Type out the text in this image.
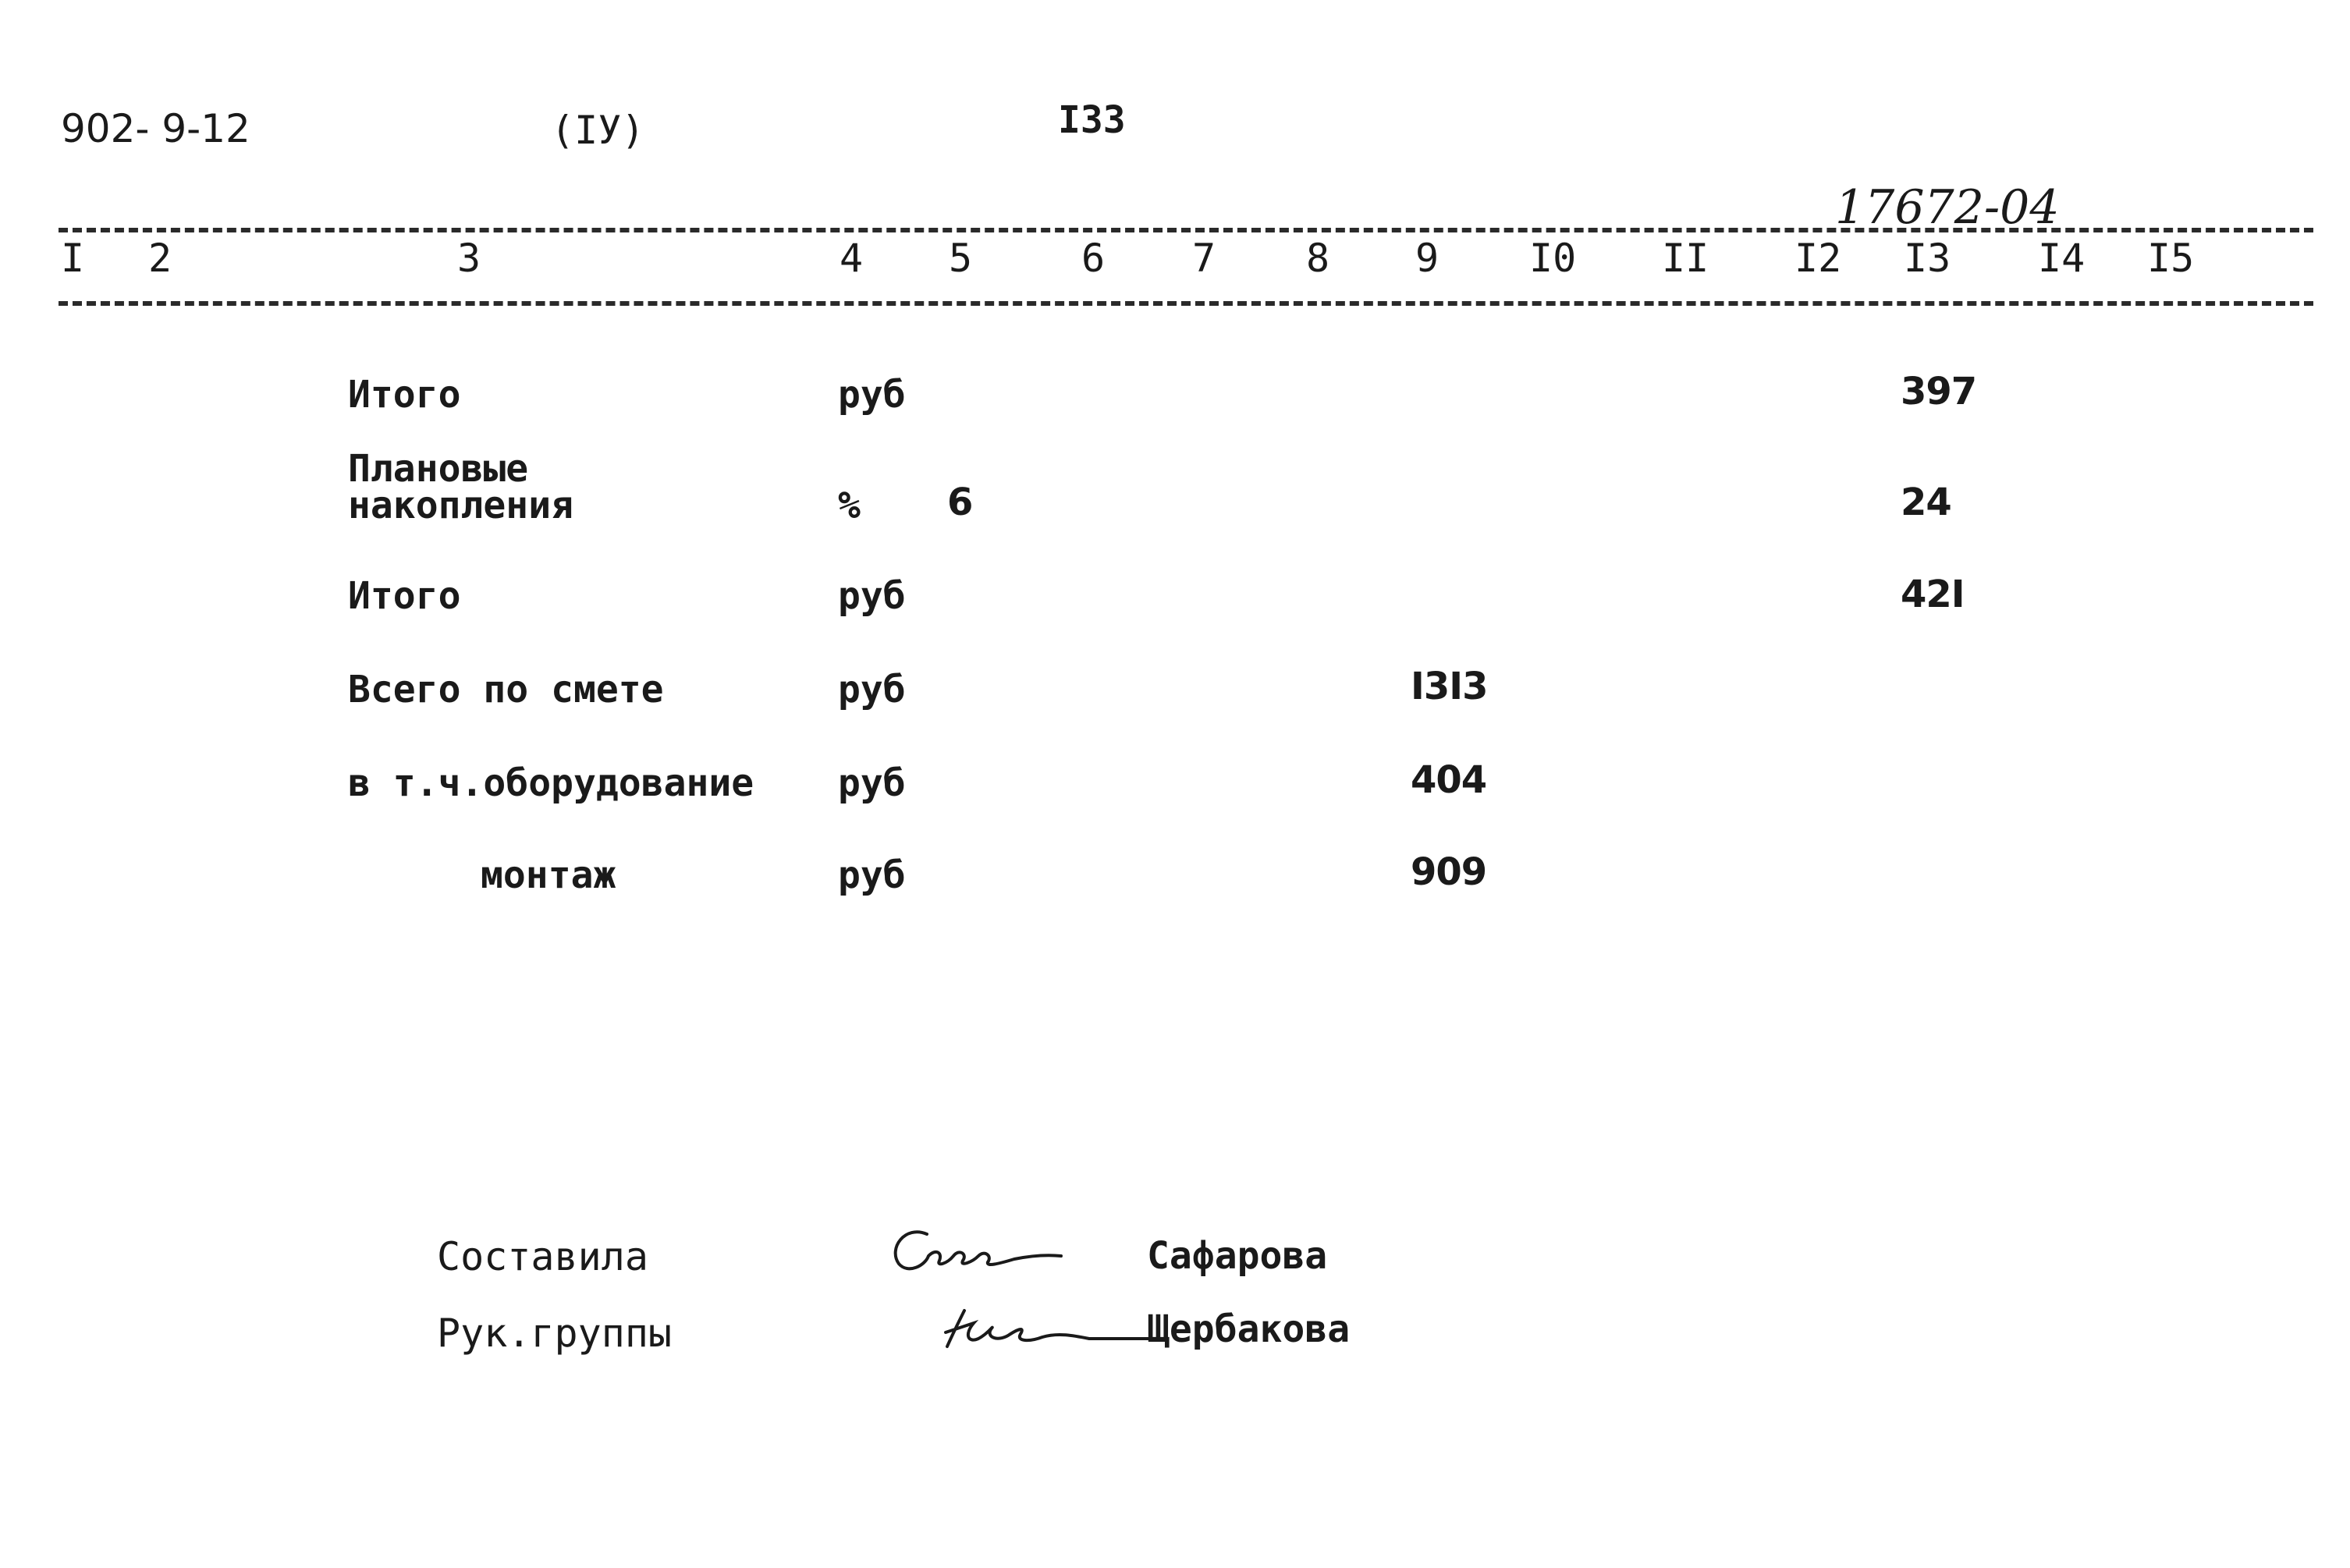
902- 9-12	(IУ)	I33
17672-04
I 2	3	4 5	6 7 8 9 I0 II I2 I3 I4 I5
Итого	руб	397
Плановые
накопления	% 6	24
Итого	руб	42I
Всего по смете	руб	I3I3
в т.ч.оборудование руб	404
монтаж	руб	909
Составила	Сафарова
Рук.группы	Щербакова
